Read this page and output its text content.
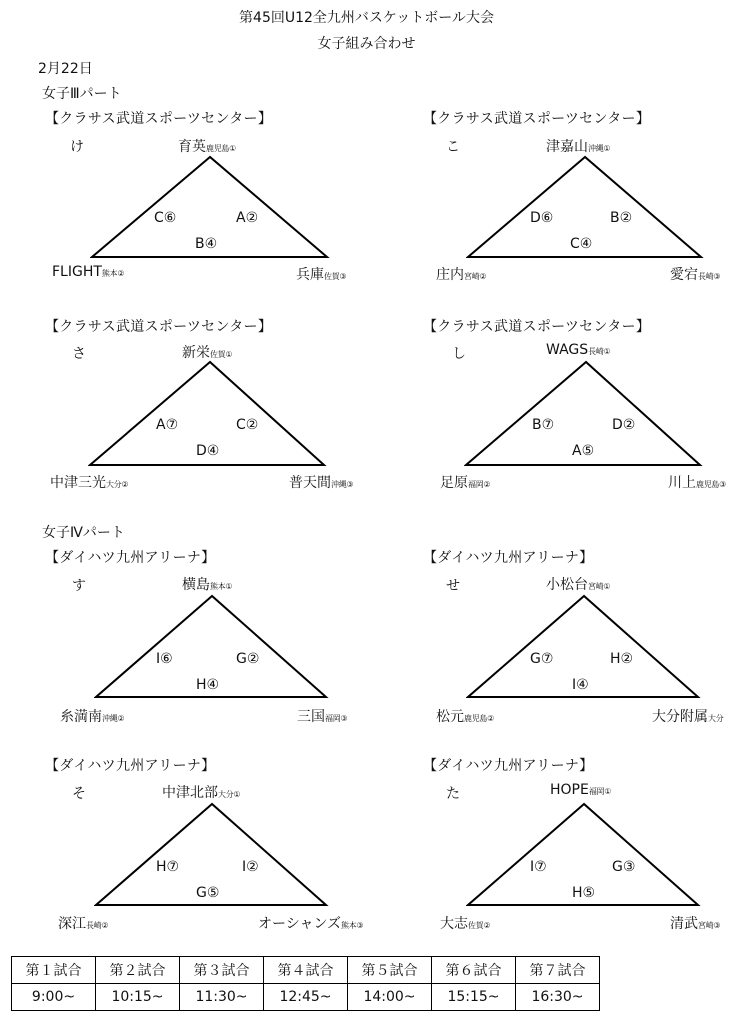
第45回U12全九州バスケットボール大会
女子組み合わせ
2月22日
女子Ⅲパート
女子Ⅳパート
【クラサス武道スポーツセンター】
け	育英鹿児島①
C⑥	A②
B④
FLIGHT熊本②	兵庫佐賀③
【クラサス武道スポーツセンター】
こ	津嘉山沖縄①
D⑥	B②
C④
庄内宮崎②	愛宕長崎③
【クラサス武道スポーツセンター】
さ	新栄佐賀①
A⑦	C②
D④
中津三光大分②	普天間沖縄③
【クラサス武道スポーツセンター】
し	WAGS長崎①
B⑦	D②
A⑤
足原福岡②	川上鹿児島③
【ダイハツ九州アリーナ】
す	横島熊本①
I⑥	G②
H④
糸満南沖縄②	三国福岡③
【ダイハツ九州アリーナ】
せ	小松台宮崎①
G⑦	H②
I④
松元鹿児島②	大分附属大分
【ダイハツ九州アリーナ】
そ	中津北部大分①
H⑦	I②
G⑤
深江長崎②	オーシャンズ熊本③
【ダイハツ九州アリーナ】
た	HOPE福岡①
I⑦	G③
H⑤
大志佐賀②	清武宮崎③
第１試合	第２試合	第３試合	第４試合	第５試合	第６試合	第７試合
9:00~	10:15~	11:30~	12:45~	14:00~	15:15~	16:30~
